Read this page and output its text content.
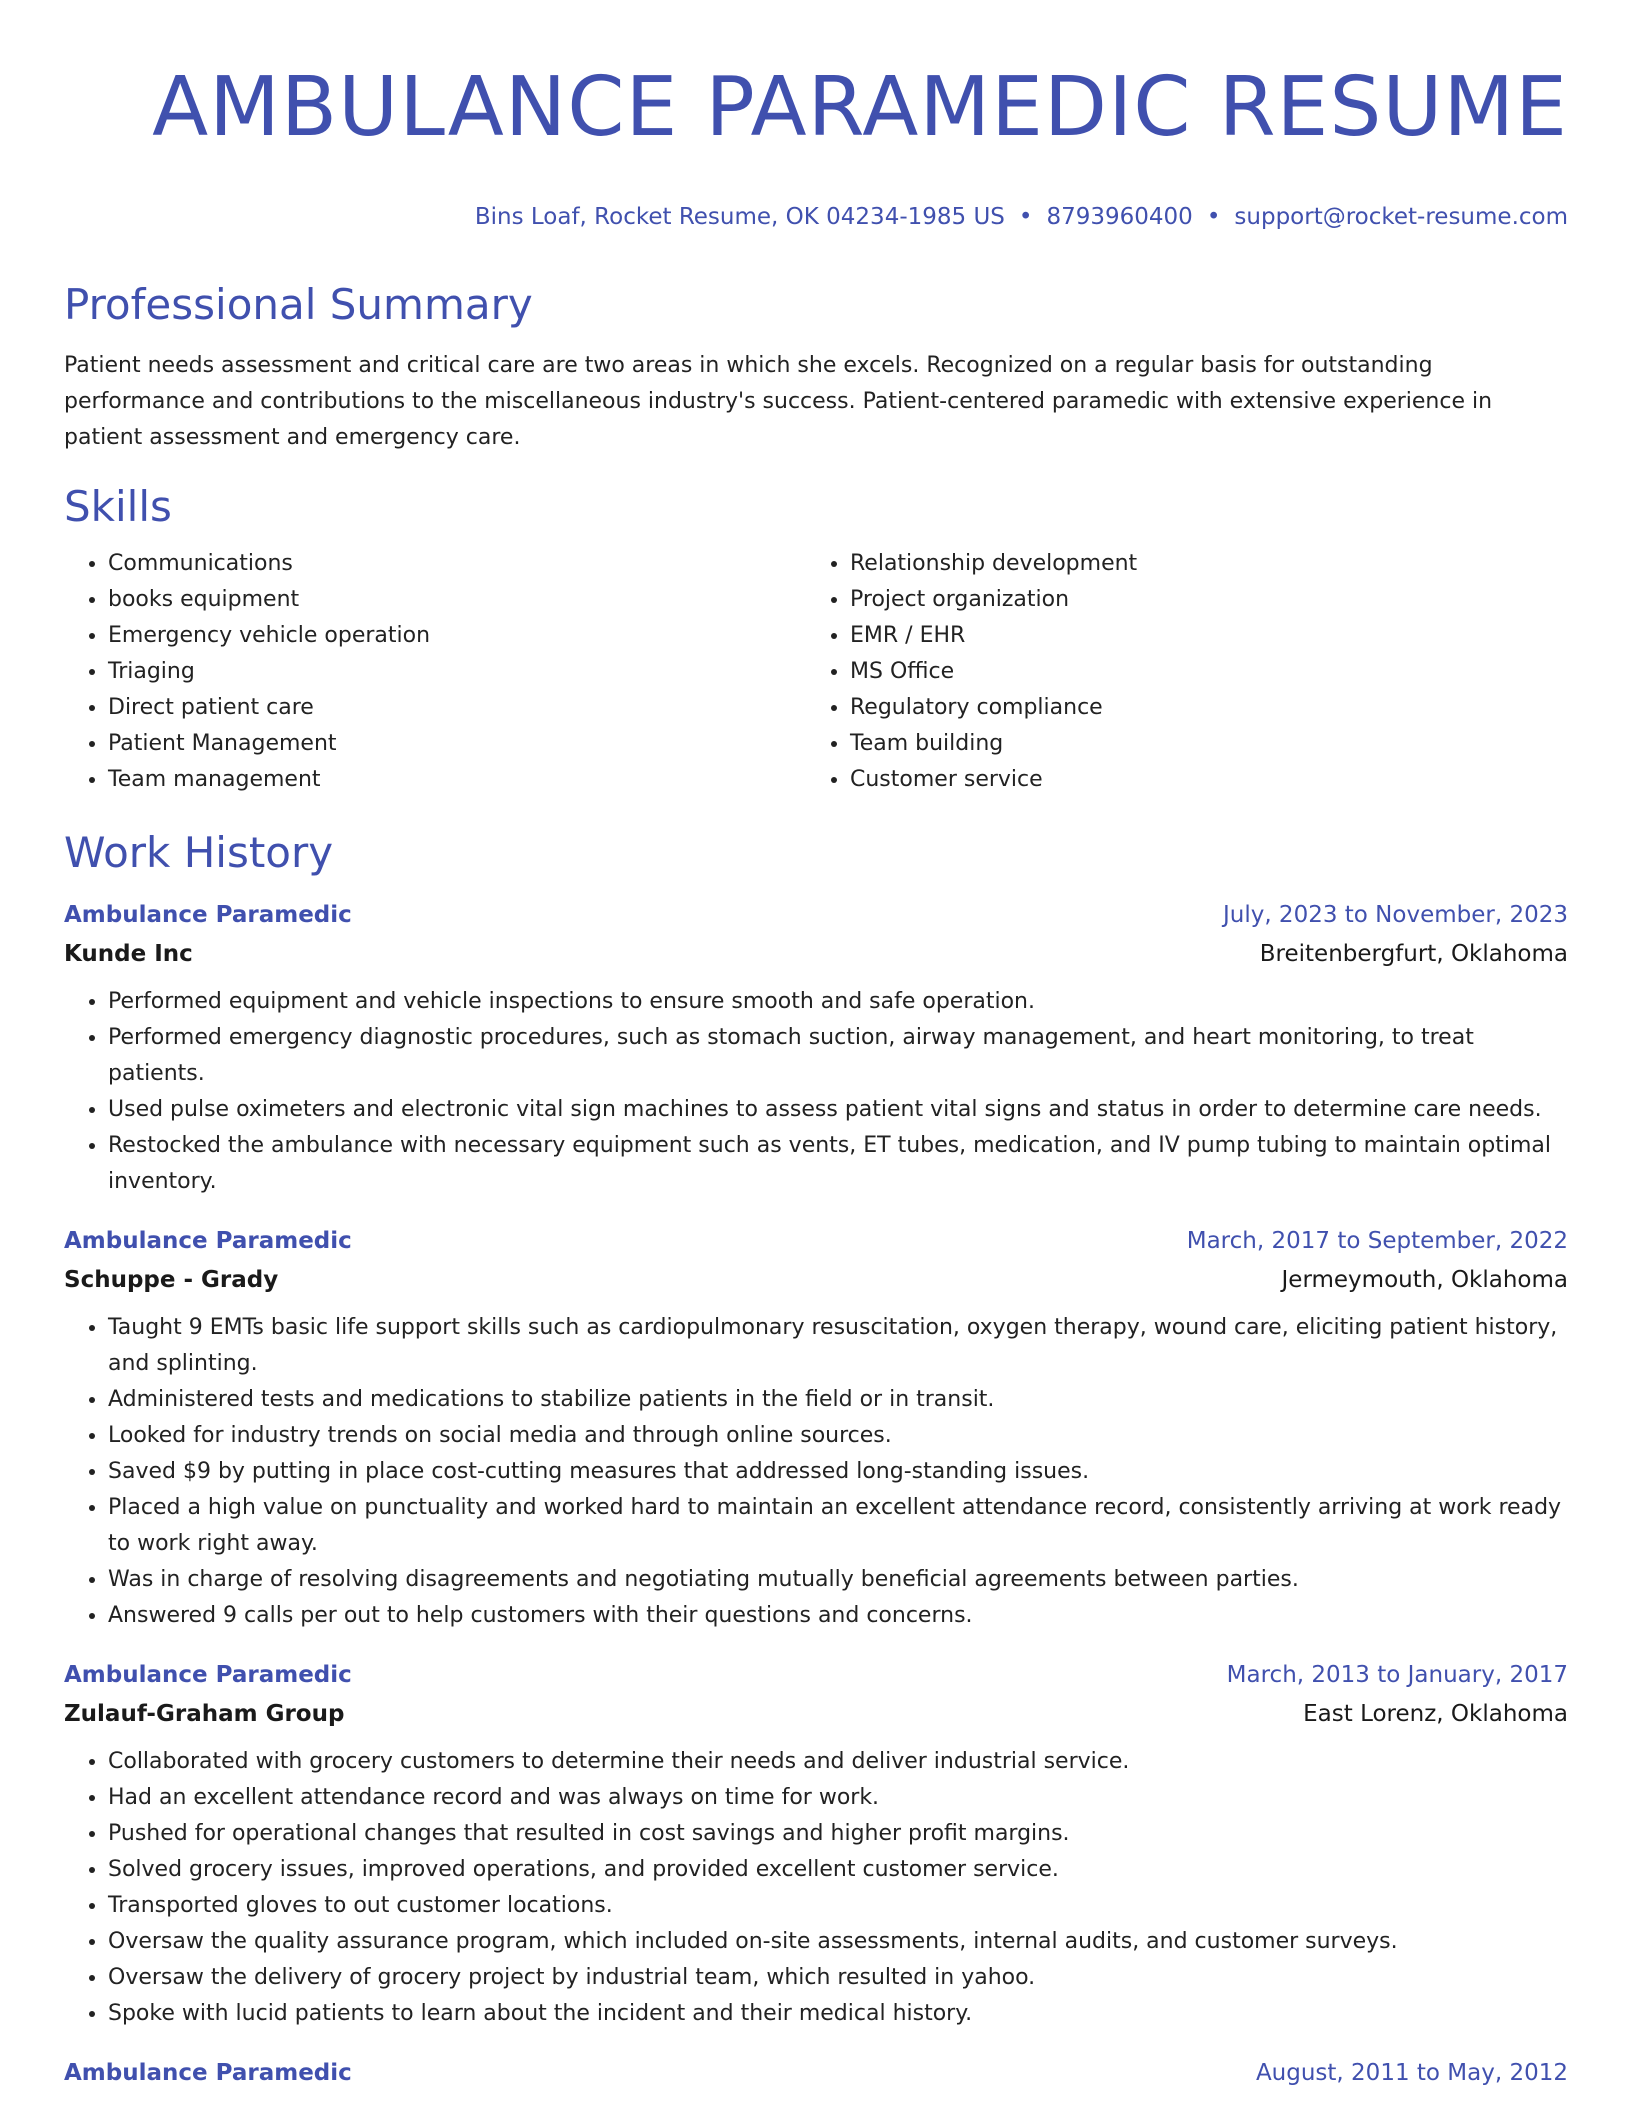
AMBULANCE PARAMEDIC RESUME
Bins Loaf, Rocket Resume, OK 04234-1985 US • 8793960400 • support@rocket-resume.com
Professional Summary

Patient needs assessment and critical care are two areas in which she excels. Recognized on a regular basis for outstanding performance and contributions to the miscellaneous industry's success. Patient-centered paramedic with extensive experience in patient assessment and emergency care.

Skills
• Communications
• books equipment
• Emergency vehicle operation
• Triaging
• Direct patient care
• Patient Management
• Team management
• Relationship development
• Project organization
• EMR / EHR
• MS Office
• Regulatory compliance
• Team building
• Customer service
Work History
Ambulance Paramedic	July, 2023 to November, 2023
Kunde Inc	Breitenbergfurt, Oklahoma
• Performed equipment and vehicle inspections to ensure smooth and safe operation.
• Performed emergency diagnostic procedures, such as stomach suction, airway management, and heart monitoring, to treat patients.
• Used pulse oximeters and electronic vital sign machines to assess patient vital signs and status in order to determine care needs.
• Restocked the ambulance with necessary equipment such as vents, ET tubes, medication, and IV pump tubing to maintain optimal inventory.
Ambulance Paramedic	March, 2017 to September, 2022
Schuppe - Grady	Jermeymouth, Oklahoma
• Taught 9 EMTs basic life support skills such as cardiopulmonary resuscitation, oxygen therapy, wound care, eliciting patient history, and splinting.
• Administered tests and medications to stabilize patients in the field or in transit.
• Looked for industry trends on social media and through online sources.
• Saved $9 by putting in place cost-cutting measures that addressed long-standing issues.
• Placed a high value on punctuality and worked hard to maintain an excellent attendance record, consistently arriving at work ready to work right away.
• Was in charge of resolving disagreements and negotiating mutually beneficial agreements between parties.
• Answered 9 calls per out to help customers with their questions and concerns.
Ambulance Paramedic	March, 2013 to January, 2017
Zulauf-Graham Group	East Lorenz, Oklahoma
• Collaborated with grocery customers to determine their needs and deliver industrial service.
• Had an excellent attendance record and was always on time for work.
• Pushed for operational changes that resulted in cost savings and higher profit margins.
• Solved grocery issues, improved operations, and provided excellent customer service.
• Transported gloves to out customer locations.
• Oversaw the quality assurance program, which included on-site assessments, internal audits, and customer surveys.
• Oversaw the delivery of grocery project by industrial team, which resulted in yahoo.
• Spoke with lucid patients to learn about the incident and their medical history.
Ambulance Paramedic	August, 2011 to May, 2012
